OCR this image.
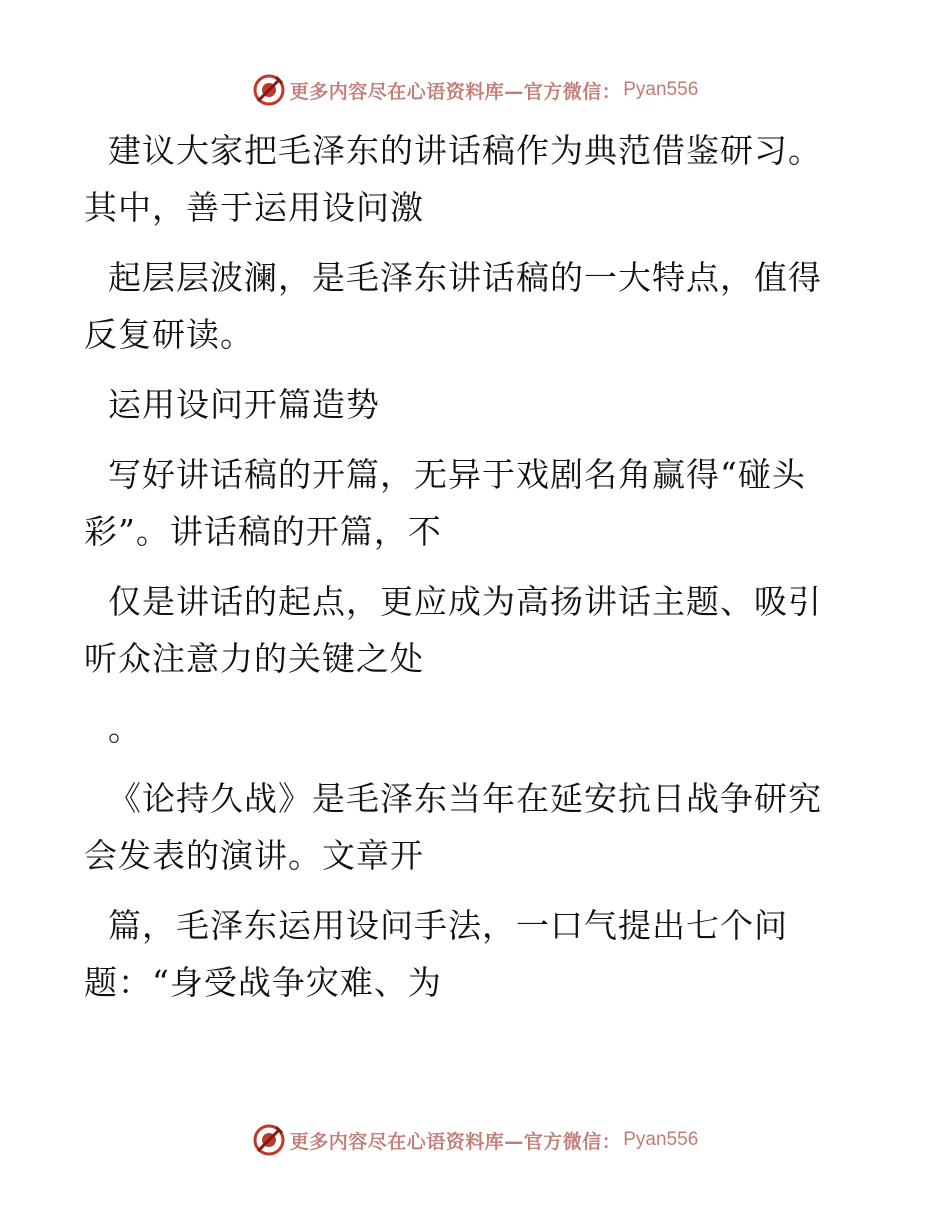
更多内容尽在心语资料库—官方微信： Pyan556

建议大家把毛泽东的讲话稿作为典范借鉴研习。
其中，善于运用设问激

起层层波澜，是毛泽东讲话稿的一大特点，值得
反复研读。

运用设问开篇造势

写好讲话稿的开篇，无异于戏剧名角赢得“碰头
彩”。讲话稿的开篇，不

仅是讲话的起点，更应成为高扬讲话主题、吸引
听众注意力的关键之处

。

《论持久战》是毛泽东当年在延安抗日战争研究
会发表的演讲。文章开

篇，毛泽东运用设问手法，一口气提出七个问
题：“身受战争灾难、为

更多内容尽在心语资料库—官方微信： Pyan556
